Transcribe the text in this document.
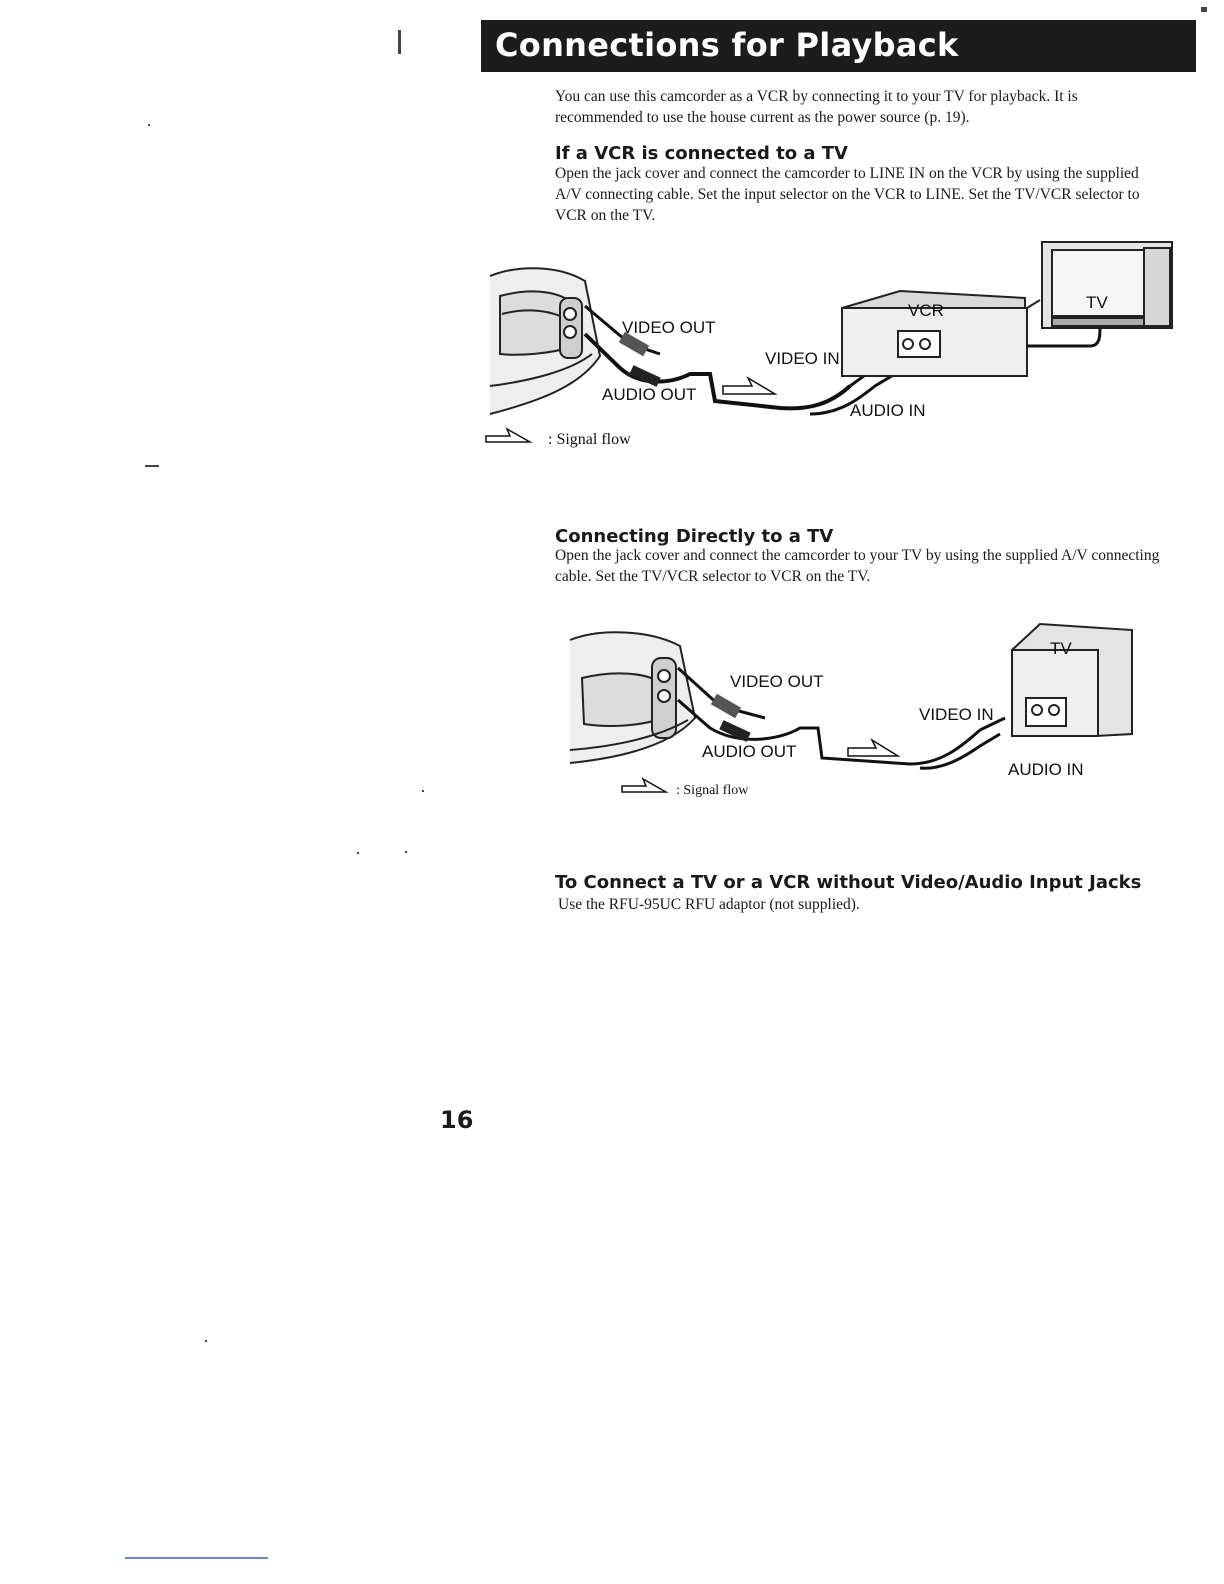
Connections for Playback

You can use this camcorder as a VCR by connecting it to your TV for playback. It is recommended to use the house current as the power source (p. 19).

If a VCR is connected to a TV

Open the jack cover and connect the camcorder to LINE IN on the VCR by using the supplied A/V connecting cable. Set the input selector on the VCR to LINE. Set the TV/VCR selector to VCR on the TV.

VIDEO OUT
AUDIO OUT
VIDEO IN
AUDIO IN
VCR	TV
: Signal flow
Connecting Directly to a TV

Open the jack cover and connect the camcorder to your TV by using the supplied A/V connecting cable. Set the TV/VCR selector to VCR on the TV.

VIDEO OUT
AUDIO OUT
VIDEO IN
AUDIO IN
TV
: Signal flow
To Connect a TV or a VCR without Video/Audio Input Jacks

Use the RFU-95UC RFU adaptor (not supplied).

16
